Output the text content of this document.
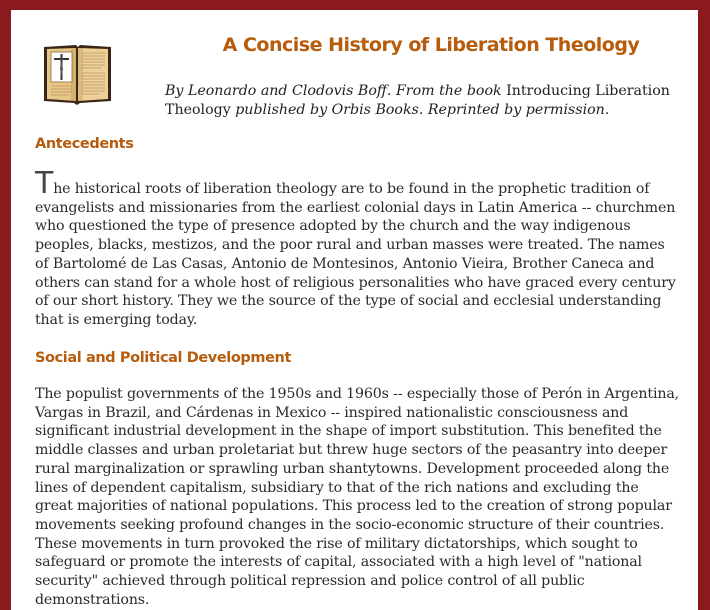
A Concise History of Liberation Theology

By Leonardo and Clodovis Boff. From the book Introducing Liberation Theology published by Orbis Books. Reprinted by permission.

Antecedents

The historical roots of liberation theology are to be found in the prophetic tradition of evangelists and missionaries from the earliest colonial days in Latin America -- churchmen who questioned the type of presence adopted by the church and the way indigenous peoples, blacks, mestizos, and the poor rural and urban masses were treated. The names of Bartolomé de Las Casas, Antonio de Montesinos, Antonio Vieira, Brother Caneca and others can stand for a whole host of religious personalities who have graced every century of our short history. They we the source of the type of social and ecclesial understanding that is emerging today.

Social and Political Development

The populist governments of the 1950s and 1960s -- especially those of Perón in Argentina, Vargas in Brazil, and Cárdenas in Mexico -- inspired nationalistic consciousness and significant industrial development in the shape of import substitution. This benefited the middle classes and urban proletariat but threw huge sectors of the peasantry into deeper rural marginalization or sprawling urban shantytowns. Development proceeded along the lines of dependent capitalism, subsidiary to that of the rich nations and excluding the great majorities of national populations. This process led to the creation of strong popular movements seeking profound changes in the socio-economic structure of their countries. These movements in turn provoked the rise of military dictatorships, which sought to safeguard or promote the interests of capital, associated with a high level of "national security" achieved through political repression and police control of all public demonstrations.
